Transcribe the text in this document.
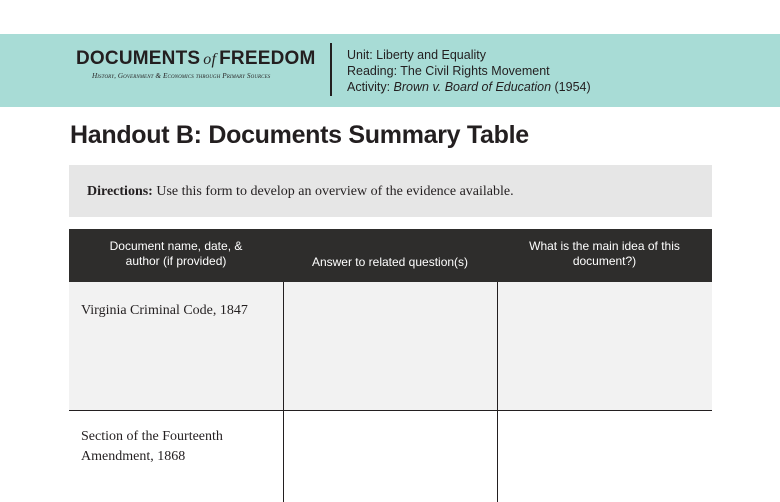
DOCUMENTS of FREEDOM
History, Government & Economics through Primary Sources
Unit: Liberty and Equality
Reading: The Civil Rights Movement
Activity: Brown v. Board of Education (1954)
Handout B: Documents Summary Table
Directions: Use this form to develop an overview of the evidence available.
Document name, date, & author (if provided)	Answer to related question(s)
What is the main idea of this document?)
Virginia Criminal Code, 1847
Section of the Fourteenth Amendment, 1868
